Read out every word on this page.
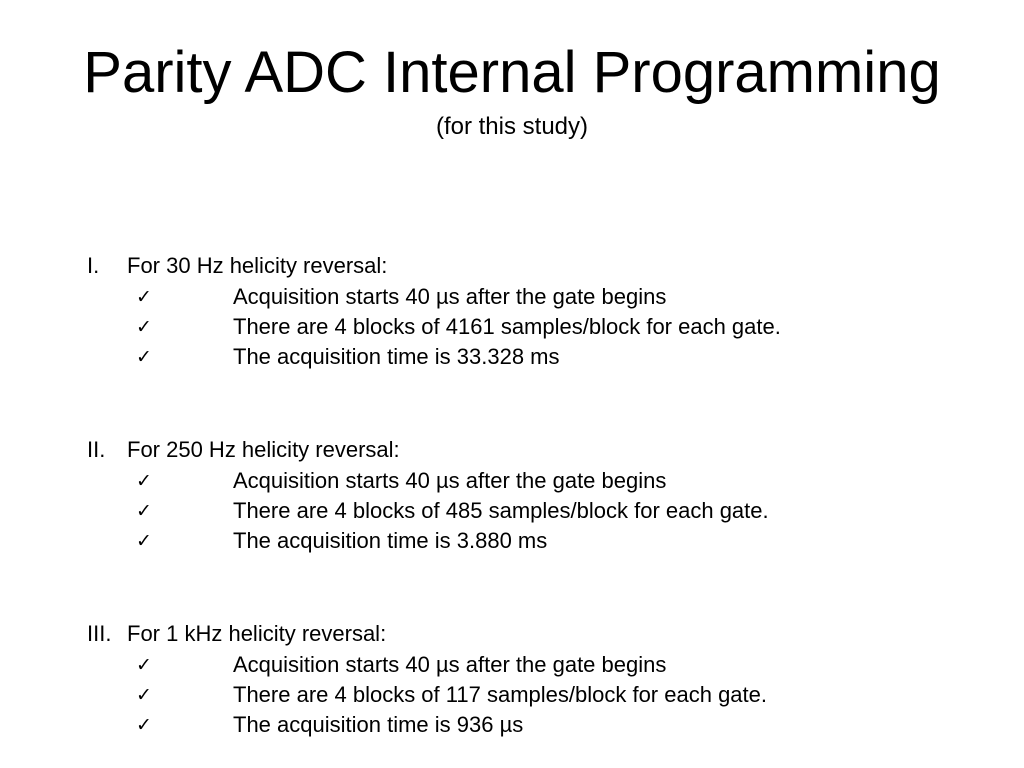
Parity ADC Internal Programming
(for this study)
I. For 30 Hz helicity reversal:
✓	Acquisition starts 40 µs after the gate begins
✓	There are 4 blocks of 4161 samples/block for each gate.
✓	The acquisition time is 33.328 ms
II. For 250 Hz helicity reversal:
✓	Acquisition starts 40 µs after the gate begins
✓	There are 4 blocks of 485 samples/block for each gate.
✓	The acquisition time is 3.880 ms
III. For 1 kHz helicity reversal:
✓	Acquisition starts 40 µs after the gate begins
✓	There are 4 blocks of 117 samples/block for each gate.
✓	The acquisition time is 936 µs
